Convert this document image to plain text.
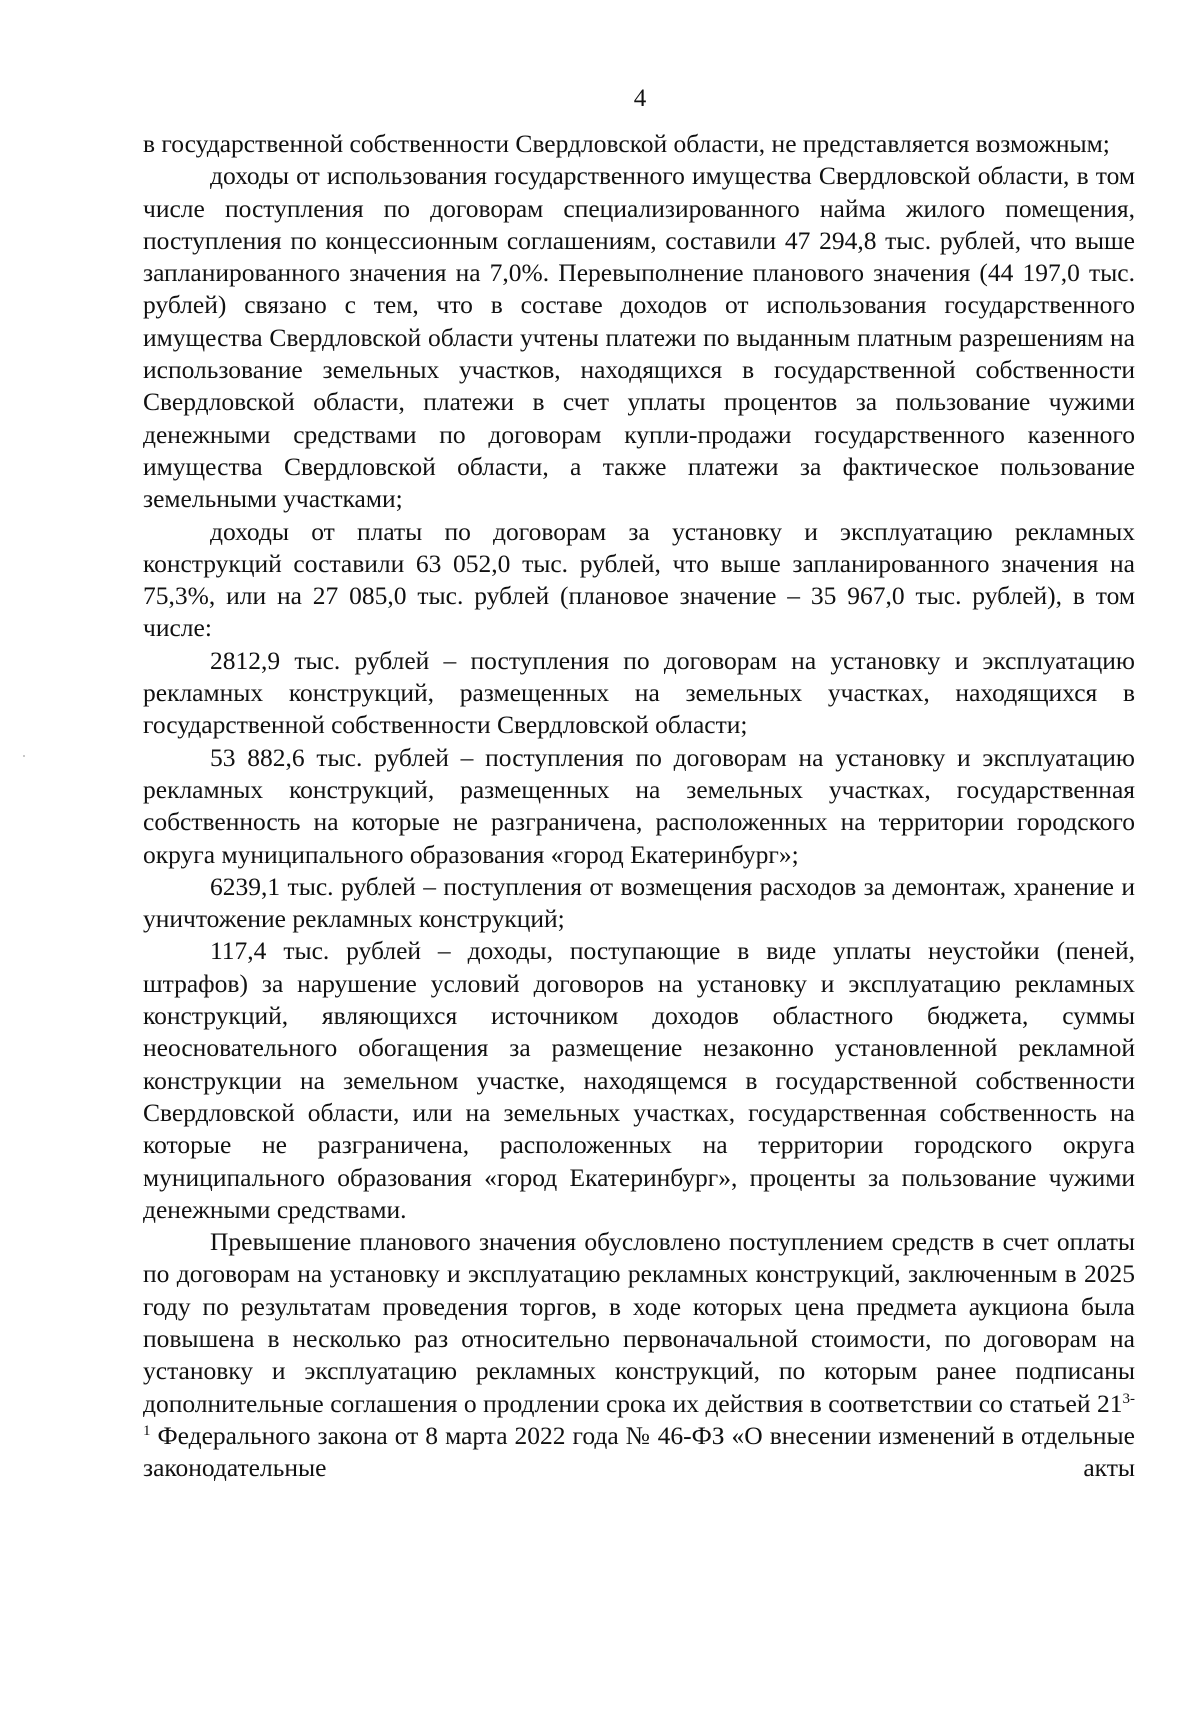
4

в государственной собственности Свердловской области, не представляется возможным;

доходы от использования государственного имущества Свердловской области, в том числе поступления по договорам специализированного найма жилого помещения, поступления по концессионным соглашениям, составили 47 294,8 тыс. рублей, что выше запланированного значения на 7,0%. Перевыполнение планового значения (44 197,0 тыс. рублей) связано с тем, что в составе доходов от использования государственного имущества Свердловской области учтены платежи по выданным платным разрешениям на использование земельных участков, находящихся в государственной собственности Свердловской области, платежи в счет уплаты процентов за пользование чужими денежными средствами по договорам купли-продажи государственного казенного имущества Свердловской области, а также платежи за фактическое пользование земельными участками;

доходы от платы по договорам за установку и эксплуатацию рекламных конструкций составили 63 052,0 тыс. рублей, что выше запланированного значения на 75,3%, или на 27 085,0 тыс. рублей (плановое значение – 35 967,0 тыс. рублей), в том числе:

2812,9 тыс. рублей – поступления по договорам на установку и эксплуатацию рекламных конструкций, размещенных на земельных участках, находящихся в государственной собственности Свердловской области;

53 882,6 тыс. рублей – поступления по договорам на установку и эксплуатацию рекламных конструкций, размещенных на земельных участках, государственная собственность на которые не разграничена, расположенных на территории городского округа муниципального образования «город Екатеринбург»;

6239,1 тыс. рублей – поступления от возмещения расходов за демонтаж, хранение и уничтожение рекламных конструкций;

117,4 тыс. рублей – доходы, поступающие в виде уплаты неустойки (пеней, штрафов) за нарушение условий договоров на установку и эксплуатацию рекламных конструкций, являющихся источником доходов областного бюджета, суммы неосновательного обогащения за размещение незаконно установленной рекламной конструкции на земельном участке, находящемся в государственной собственности Свердловской области, или на земельных участках, государственная собственность на которые не разграничена, расположенных на территории городского округа муниципального образования «город Екатеринбург», проценты за пользование чужими денежными средствами.

Превышение планового значения обусловлено поступлением средств в счет оплаты по договорам на установку и эксплуатацию рекламных конструкций, заключенным в 2025 году по результатам проведения торгов, в ходе которых цена предмета аукциона была повышена в несколько раз относительно первоначальной стоимости, по договорам на установку и эксплуатацию рекламных конструкций, по которым ранее подписаны дополнительные соглашения о продлении срока их действия в соответствии со статьей 21$^{3-1}$ Федерального закона от 8 марта 2022 года № 46-ФЗ «О внесении изменений в отдельные законодательные акты
